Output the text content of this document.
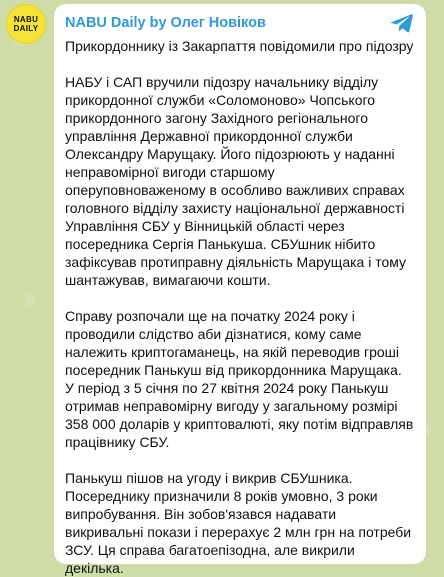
NABU
DAILY NABU Daily by Олег Новіков

Прикордоннику із Закарпаття повідомили про підозру

НАБУ і САП вручили підозру начальнику відділу прикордонної служби «Соломоново» Чопського прикордонного загону Західного регіонального управління Державної прикордонної служби Олександру Марущаку. Його підозрюють у наданні неправомірної вигоди старшому оперуповноваженому в особливо важливих справах головного відділу захисту національної державності Управління СБУ у Вінницькій області через посередника Сергія Панькуша. СБУшник нібито зафіксував протиправну діяльність Марущака і тому шантажував, вимагаючи кошти.

Справу розпочали ще на початку 2024 року і проводили слідство аби дізнатися, кому саме належить криптогаманець, на якій переводив гроші посередник Панькуш від прикордонника Марущака. У період з 5 січня по 27 квітня 2024 року Панькуш отримав неправомірну вигоду у загальному розмірі 358 000 доларів у криптовалюті, яку потім відправляв працівнику СБУ.

Панькуш пішов на угоду і викрив СБУшника. Посереднику призначили 8 років умовно, 3 роки випробування. Він зобов'язався надавати викривальні покази і перерахує 2 млн грн на потреби ЗСУ. Ця справа багатоепізодна, але викрили декілька.
